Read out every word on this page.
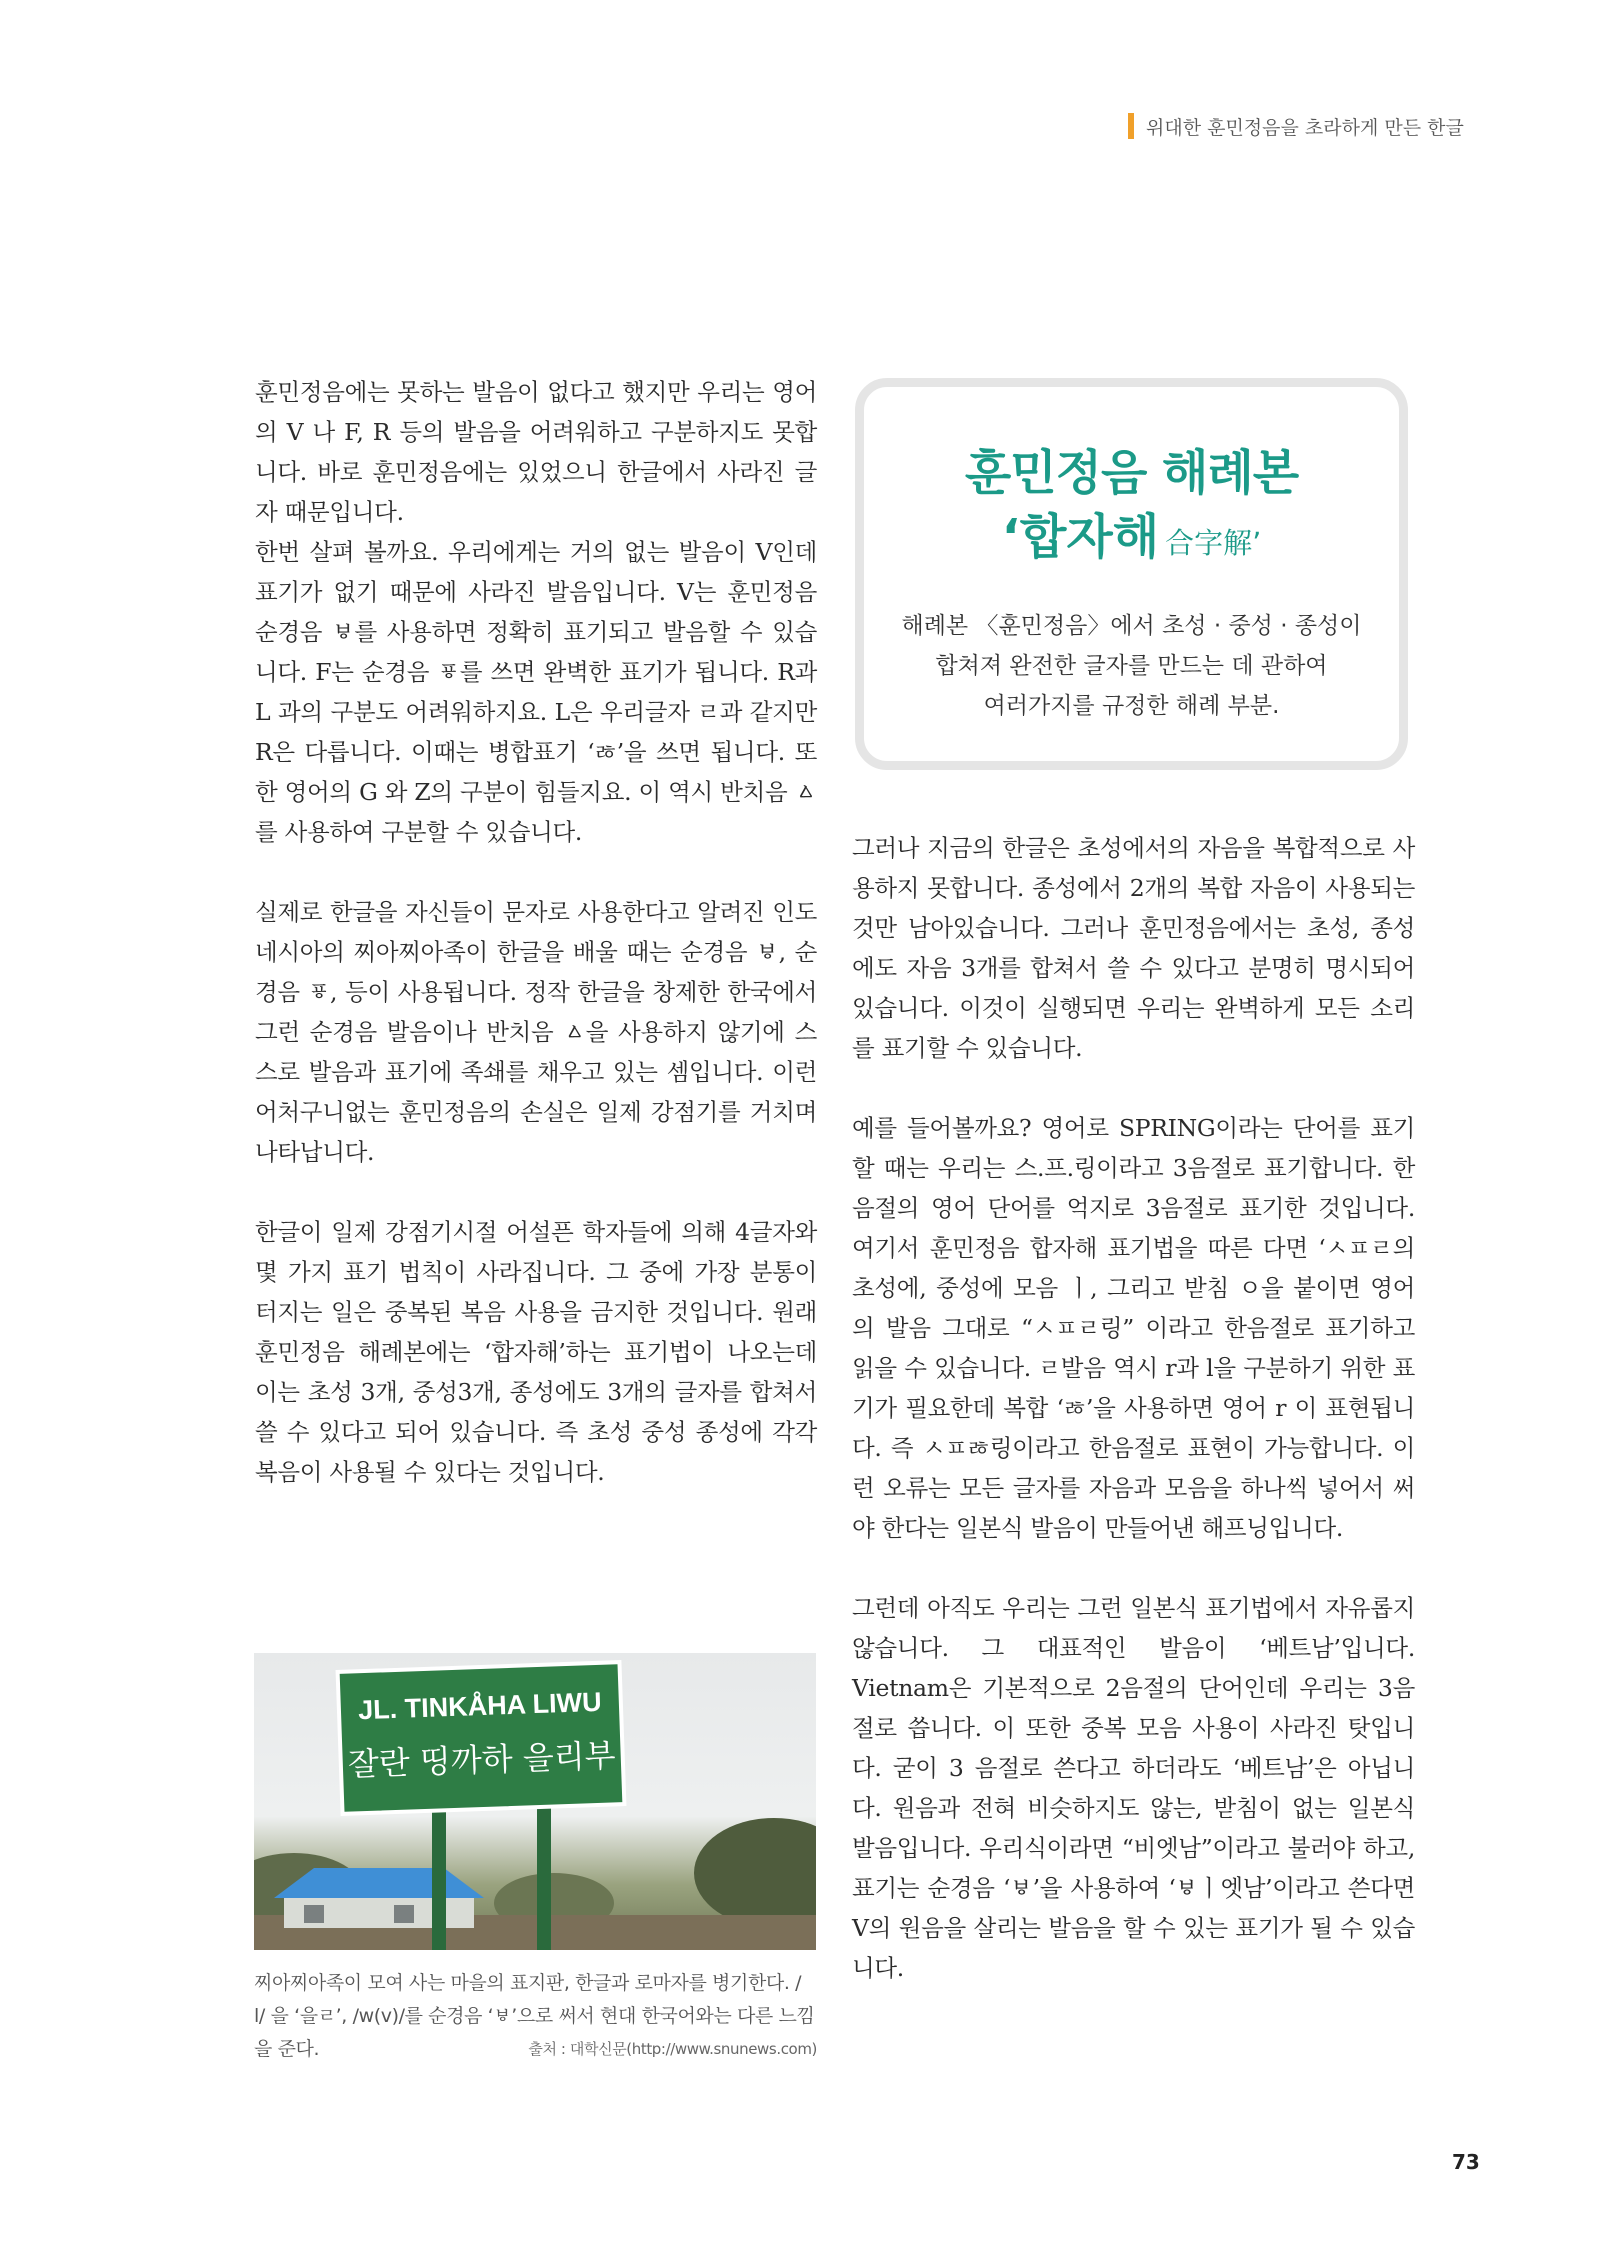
위대한 훈민정음을 초라하게 만든 한글

훈민정음에는 못하는 발음이 없다고 했지만 우리는 영어의 V 나 F, R 등의 발음을 어려워하고 구분하지도 못합니다. 바로 훈민정음에는 있었으니 한글에서 사라진 글자 때문입니다.

한번 살펴 볼까요. 우리에게는 거의 없는 발음이 V인데 표기가 없기 때문에 사라진 발음입니다. V는 훈민정음 순경음 ㅸ를 사용하면 정확히 표기되고 발음할 수 있습니다. F는 순경음 ㆄ를 쓰면 완벽한 표기가 됩니다. R과 L 과의 구분도 어려워하지요. L은 우리글자 ㄹ과 같지만 R은 다릅니다. 이때는 병합표기 ‘ㅀ’을 쓰면 됩니다. 또한 영어의 G 와 Z의 구분이 힘들지요. 이 역시 반치음 ㅿ를 사용하여 구분할 수 있습니다.

실제로 한글을 자신들이 문자로 사용한다고 알려진 인도네시아의 찌아찌아족이 한글을 배울 때는 순경음 ㅸ, 순경음 ㆄ, 등이 사용됩니다. 정작 한글을 창제한 한국에서 그런 순경음 발음이나 반치음 ㅿ을 사용하지 않기에 스스로 발음과 표기에 족쇄를 채우고 있는 셈입니다. 이런 어처구니없는 훈민정음의 손실은 일제 강점기를 거치며 나타납니다.

한글이 일제 강점기시절 어설픈 학자들에 의해 4글자와 몇 가지 표기 법칙이 사라집니다. 그 중에 가장 분통이 터지는 일은 중복된 복음 사용을 금지한 것입니다. 원래 훈민정음 해례본에는 ‘합자해’하는 표기법이 나오는데 이는 초성 3개, 중성3개, 종성에도 3개의 글자를 합쳐서 쓸 수 있다고 되어 있습니다. 즉 초성 중성 종성에 각각 복음이 사용될 수 있다는 것입니다.

JL. TINKÅHA LIWU
잘란 띵까하 을리부
찌아찌아족이 모여 사는 마을의 표지판, 한글과 로마자를 병기한다. / l/ 을 ‘을ㄹ’, /w(v)/를 순경음 ‘ㅸ’으로 써서 현대 한국어와는 다른 느낌을 준다.	출처 : 대학신문(http://www.snunews.com)
훈민정음 해례본
‘합자해 合字解’
해례본 〈훈민정음〉에서 초성 · 중성 · 종성이
합쳐져 완전한 글자를 만드는 데 관하여
여러가지를 규정한 해례 부분.

그러나 지금의 한글은 초성에서의 자음을 복합적으로 사용하지 못합니다. 종성에서 2개의 복합 자음이 사용되는 것만 남아있습니다. 그러나 훈민정음에서는 초성, 종성에도 자음 3개를 합쳐서 쓸 수 있다고 분명히 명시되어 있습니다. 이것이 실행되면 우리는 완벽하게 모든 소리를 표기할 수 있습니다.

예를 들어볼까요? 영어로 SPRING이라는 단어를 표기할 때는 우리는 스.프.링이라고 3음절로 표기합니다. 한 음절의 영어 단어를 억지로 3음절로 표기한 것입니다. 여기서 훈민정음 합자해 표기법을 따른 다면 ‘ㅅㅍㄹ의 초성에, 중성에 모음 ㅣ, 그리고 받침 ㅇ을 붙이면 영어의 발음 그대로 “ㅅㅍㄹ링” 이라고 한음절로 표기하고 읽을 수 있습니다. ㄹ발음 역시 r과 l을 구분하기 위한 표기가 필요한데 복합 ‘ㅀ’을 사용하면 영어 r 이 표현됩니다. 즉 ㅅㅍㅀ링이라고 한음절로 표현이 가능합니다. 이런 오류는 모든 글자를 자음과 모음을 하나씩 넣어서 써야 한다는 일본식 발음이 만들어낸 해프닝입니다.

그런데 아직도 우리는 그런 일본식 표기법에서 자유롭지 않습니다. 그 대표적인 발음이 ‘베트남’입니다. Vietnam은 기본적으로 2음절의 단어인데 우리는 3음절로 씁니다. 이 또한 중복 모음 사용이 사라진 탓입니다. 굳이 3 음절로 쓴다고 하더라도 ‘베트남’은 아닙니다. 원음과 전혀 비슷하지도 않는, 받침이 없는 일본식 발음입니다. 우리식이라면 “비엣남”이라고 불러야 하고, 표기는 순경음 ‘ㅸ’을 사용하여 ‘ㅸㅣ엣남’이라고 쓴다면 V의 원음을 살리는 발음을 할 수 있는 표기가 될 수 있습니다.

73
